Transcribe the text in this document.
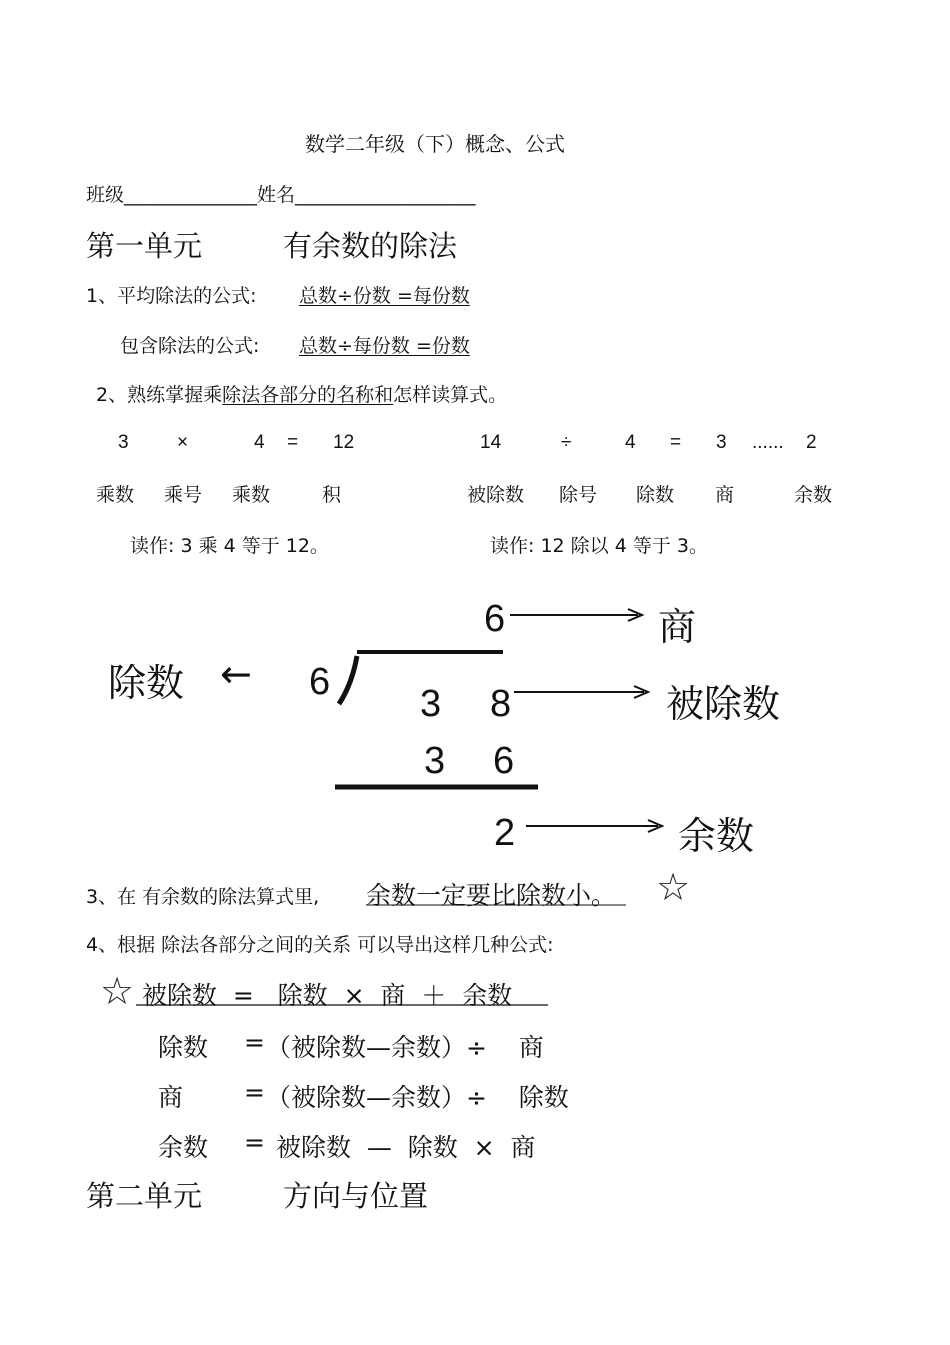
数学二年级（下）概念、公式
班级______________姓名___________________
第一单元	有余数的除法
1、平均除法的公式: 总数÷份数 =每份数
包含除法的公式: 总数÷每份数 =份数
2、熟练掌握乘除法各部分的名称和怎样读算式。
3	×	4 = 12
乘数 乘号 乘数	积
读作: 3 乘 4 等于 12。
14	÷	4 = 3 ...... 2
被除数 除号 除数 商	余数
读作: 12 除以 4 等于 3。
6
6
3 8
3 6
2
商
除数 ←
被除数
余数
3、在 有余数的除法算式里, 余数一定要比除数小。 ☆
4、根据 除法各部分之间的关系 可以导出这样几种公式:
☆ 被除数  =   除数  ×  商  ＋  余数
除数 = （被除数—余数）÷    商
商 = （被除数—余数）÷    除数
余数 = 被除数  —  除数  ×  商
第二单元	方向与位置
